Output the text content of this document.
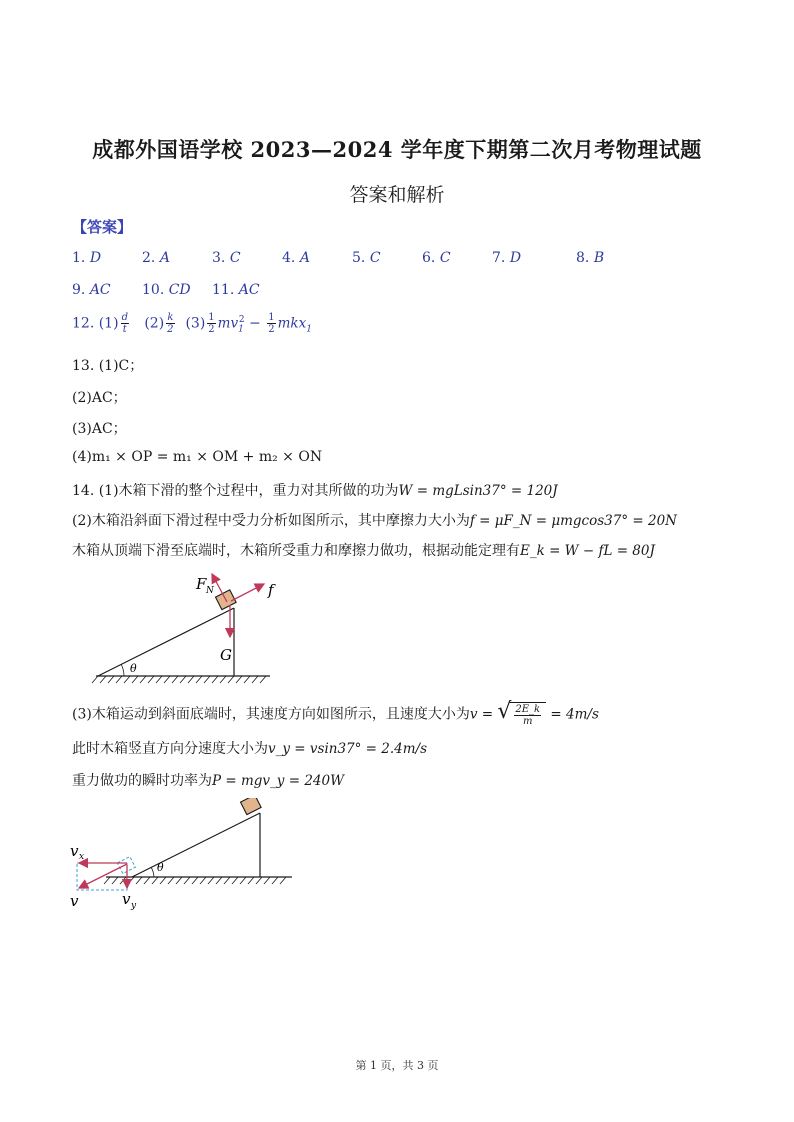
成都外国语学校 2023—2024 学年度下期第二次月考物理试题
答案和解析
【答案】
1. D	2. A	3. C	4. A	5. C	6. C	7. D	8. B
9. AC 10. CD 11. AC
12. $(1) \frac{d}{t} (2) \frac{k}{2} (3) \frac{1}{2} mv_1^2 - \frac{1}{2} mkx_1$
13. (1)C；
(2)AC；
(3)AC；
(4)m₁ × OP = m₁ × OM + m₂ × ON
14. (1)木箱下滑的整个过程中，重力对其所做的功为W = mgLsin37° = 120J
(2)木箱沿斜面下滑过程中受力分析如图所示，其中摩擦力大小为f = μF_N = μmgcos37° = 20N
木箱从顶端下滑至底端时，木箱所受重力和摩擦力做功，根据动能定理有E_k = W − fL = 80J
F N	f
G
θ
(3)木箱运动到斜面底端时，其速度方向如图所示，且速度大小为v =
√ $\frac{2E\_k}{m} = 4m/s$
此时木箱竖直方向分速度大小为v_y = vsin37° = 2.4m/s
重力做功的瞬时功率为P = mgv_y = 240W
v x
v	v y
θ
第 1 页，共 3 页
